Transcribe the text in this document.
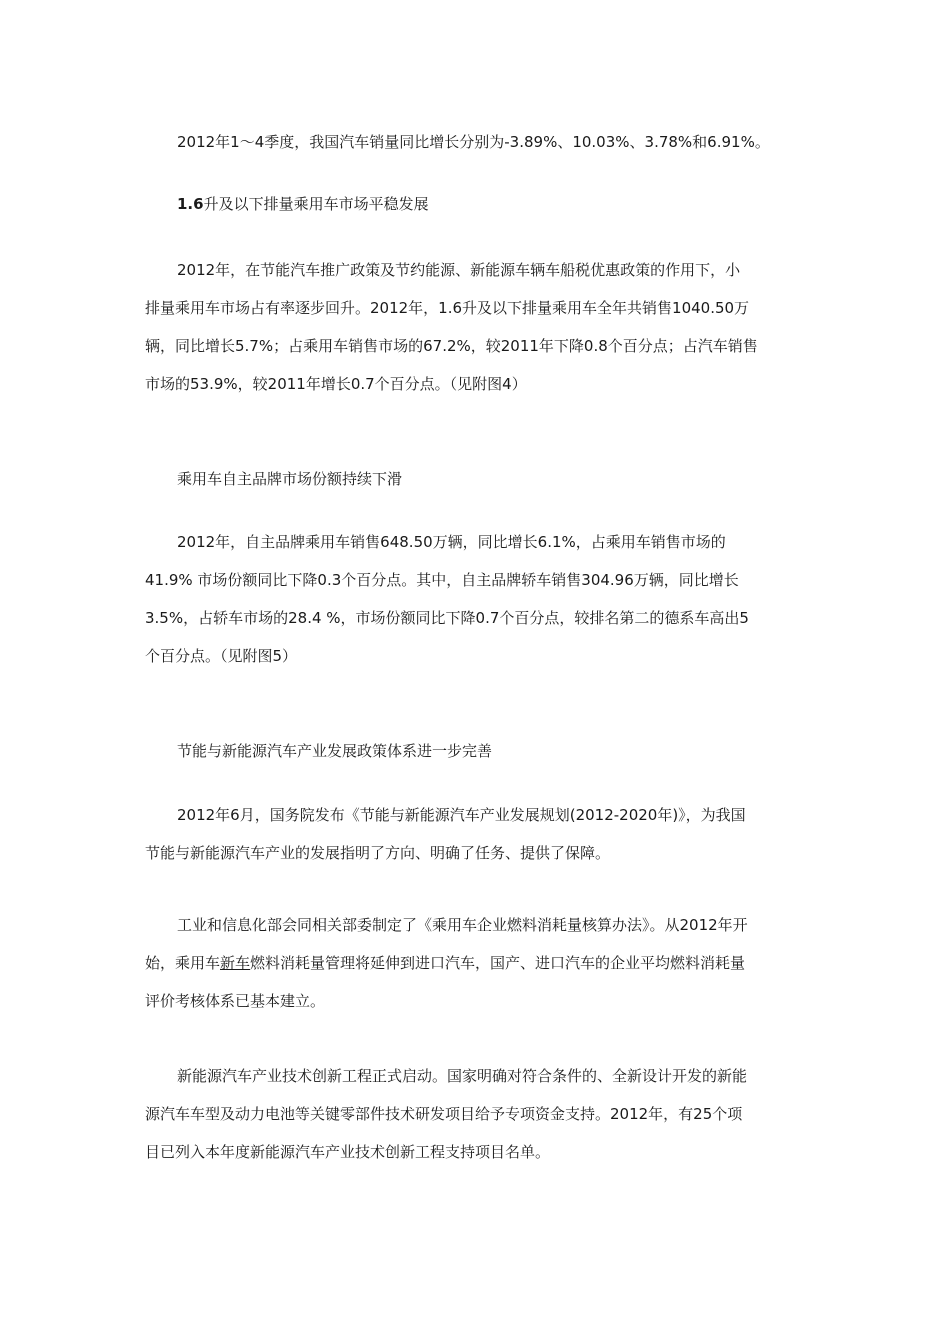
2012年1～4季度，我国汽车销量同比增长分别为-3.89%、10.03%、3.78%和6.91%。
1.6升及以下排量乘用车市场平稳发展
2012年，在节能汽车推广政策及节约能源、新能源车辆车船税优惠政策的作用下，小
排量乘用车市场占有率逐步回升。2012年，1.6升及以下排量乘用车全年共销售1040.50万
辆，同比增长5.7%；占乘用车销售市场的67.2%，较2011年下降0.8个百分点；占汽车销售
市场的53.9%，较2011年增长0.7个百分点。（见附图4）
乘用车自主品牌市场份额持续下滑
2012年，自主品牌乘用车销售648.50万辆，同比增长6.1%，占乘用车销售市场的
41.9% 市场份额同比下降0.3个百分点。其中，自主品牌轿车销售304.96万辆，同比增长
3.5%，占轿车市场的28.4 %，市场份额同比下降0.7个百分点，较排名第二的德系车高出5
个百分点。（见附图5）
节能与新能源汽车产业发展政策体系进一步完善
2012年6月，国务院发布《节能与新能源汽车产业发展规划(2012-2020年)》，为我国
节能与新能源汽车产业的发展指明了方向、明确了任务、提供了保障。
工业和信息化部会同相关部委制定了《乘用车企业燃料消耗量核算办法》。从2012年开
始，乘用车新车燃料消耗量管理将延伸到进口汽车，国产、进口汽车的企业平均燃料消耗量
评价考核体系已基本建立。
新能源汽车产业技术创新工程正式启动。国家明确对符合条件的、全新设计开发的新能
源汽车车型及动力电池等关键零部件技术研发项目给予专项资金支持。2012年，有25个项
目已列入本年度新能源汽车产业技术创新工程支持项目名单。
